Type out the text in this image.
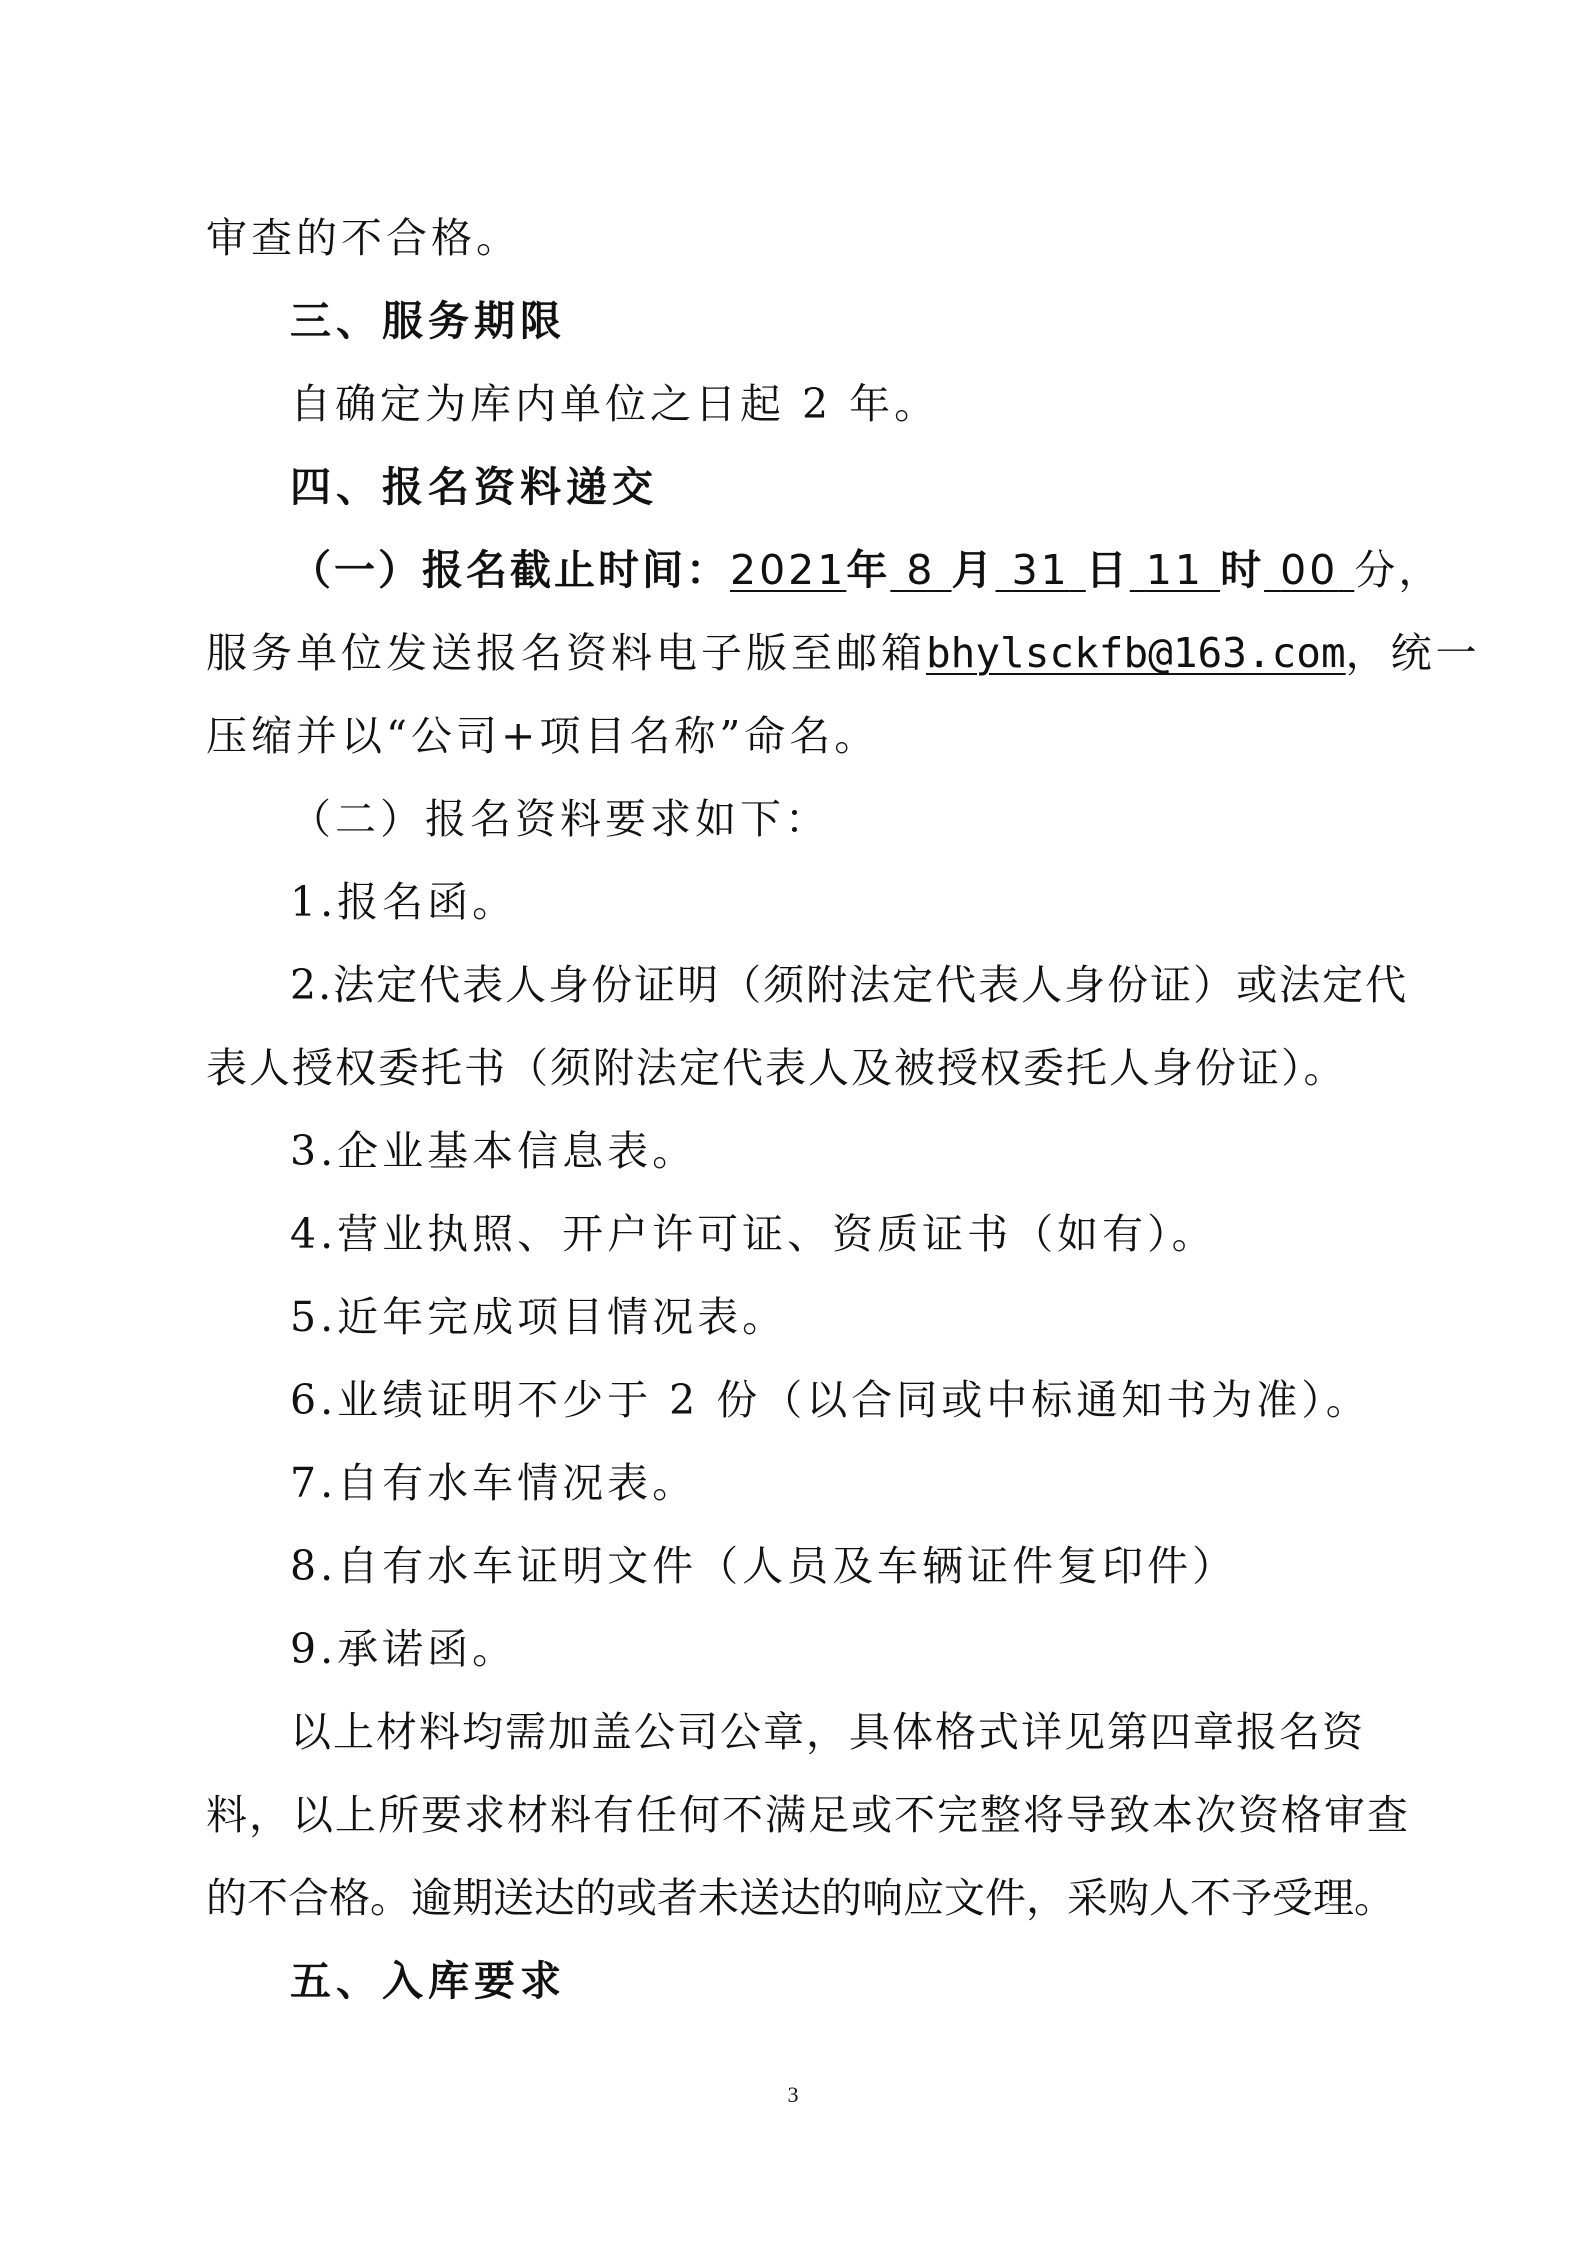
审查的不合格。
三、服务期限
自确定为库内单位之日起 2 年。
四、报名资料递交
（一）报名截止时间：2021年 8 月 31 日 11 时 00 分，
服务单位发送报名资料电子版至邮箱bhylsckfb@163.com，统一
压缩并以“公司+项目名称”命名。
（二）报名资料要求如下：
1.报名函。
2.法定代表人身份证明（须附法定代表人身份证）或法定代
表人授权委托书（须附法定代表人及被授权委托人身份证）。
3.企业基本信息表。
4.营业执照、开户许可证、资质证书（如有）。
5.近年完成项目情况表。
6.业绩证明不少于 2 份（以合同或中标通知书为准）。
7.自有水车情况表。
8.自有水车证明文件（人员及车辆证件复印件）
9.承诺函。
以上材料均需加盖公司公章，具体格式详见第四章报名资
料，以上所要求材料有任何不满足或不完整将导致本次资格审查
的不合格。逾期送达的或者未送达的响应文件，采购人不予受理。
五、入库要求
3
